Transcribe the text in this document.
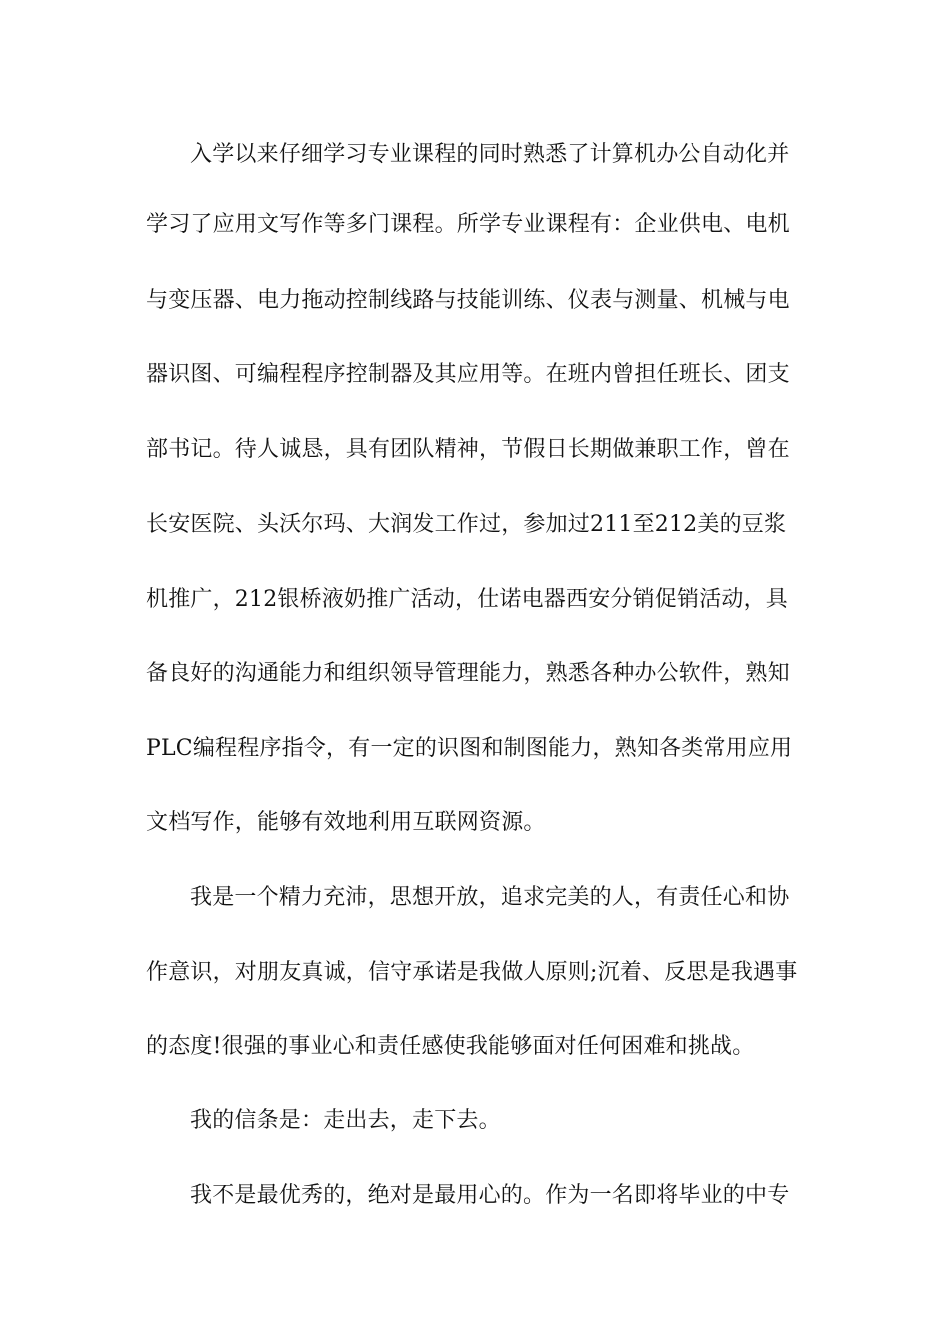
入学以来仔细学习专业课程的同时熟悉了计算机办公自动化并
学习了应用文写作等多门课程。所学专业课程有：企业供电、电机
与变压器、电力拖动控制线路与技能训练、仪表与测量、机械与电
器识图、可编程程序控制器及其应用等。在班内曾担任班长、团支
部书记。待人诚恳，具有团队精神，节假日长期做兼职工作，曾在
长安医院、头沃尔玛、大润发工作过，参加过211至212美的豆浆
机推广，212银桥液奶推广活动，仕诺电器西安分销促销活动，具
备良好的沟通能力和组织领导管理能力，熟悉各种办公软件，熟知
PLC编程程序指令，有一定的识图和制图能力，熟知各类常用应用
文档写作，能够有效地利用互联网资源。
我是一个精力充沛，思想开放，追求完美的人，有责任心和协
作意识，对朋友真诚，信守承诺是我做人原则;沉着、反思是我遇事
的态度!很强的事业心和责任感使我能够面对任何困难和挑战。
我的信条是：走出去，走下去。
我不是最优秀的，绝对是最用心的。作为一名即将毕业的中专
